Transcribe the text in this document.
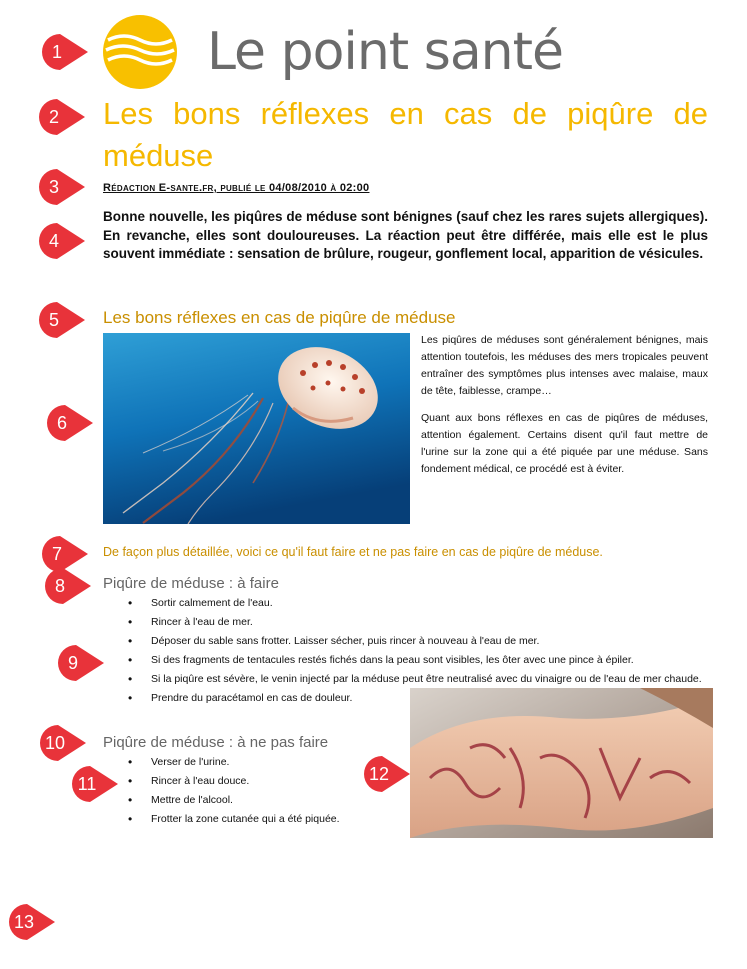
Le point santé
Les bons réflexes en cas de piqûre de méduse
Rédaction E-sante.fr, publié le 04/08/2010 à 02:00
Bonne nouvelle, les piqûres de méduse sont bénignes (sauf chez les rares sujets allergiques). En revanche, elles sont douloureuses. La réaction peut être différée, mais elle est le plus souvent immédiate : sensation de brûlure, rougeur, gonflement local, apparition de vésicules.
Les bons réflexes en cas de piqûre de méduse

Les piqûres de méduses sont généralement bénignes, mais attention toutefois, les méduses des mers tropicales peuvent entraîner des symptômes plus intenses avec malaise, maux de tête, faiblesse, crampe…

Quant aux bons réflexes en cas de piqûres de méduses, attention également. Certains disent qu'il faut mettre de l'urine sur la zone qui a été piquée par une méduse. Sans fondement médical, ce procédé est à éviter.

De façon plus détaillée, voici ce qu'il faut faire et ne pas faire en cas de piqûre de méduse.
Piqûre de méduse : à faire
• Sortir calmement de l'eau.
• Rincer à l'eau de mer.
• Déposer du sable sans frotter. Laisser sécher, puis rincer à nouveau à l'eau de mer.
• Si des fragments de tentacules restés fichés dans la peau sont visibles, les ôter avec une pince à épiler.
• Si la piqûre est sévère, le venin injecté par la méduse peut être neutralisé avec du vinaigre ou de l'eau de mer chaude.
• Prendre du paracétamol en cas de douleur.
Piqûre de méduse : à ne pas faire
• Verser de l'urine.
• Rincer à l'eau douce.
• Mettre de l'alcool.
• Frotter la zone cutanée qui a été piquée.
1
2
3
4
5
6
7
8
9
10
11	12
13
